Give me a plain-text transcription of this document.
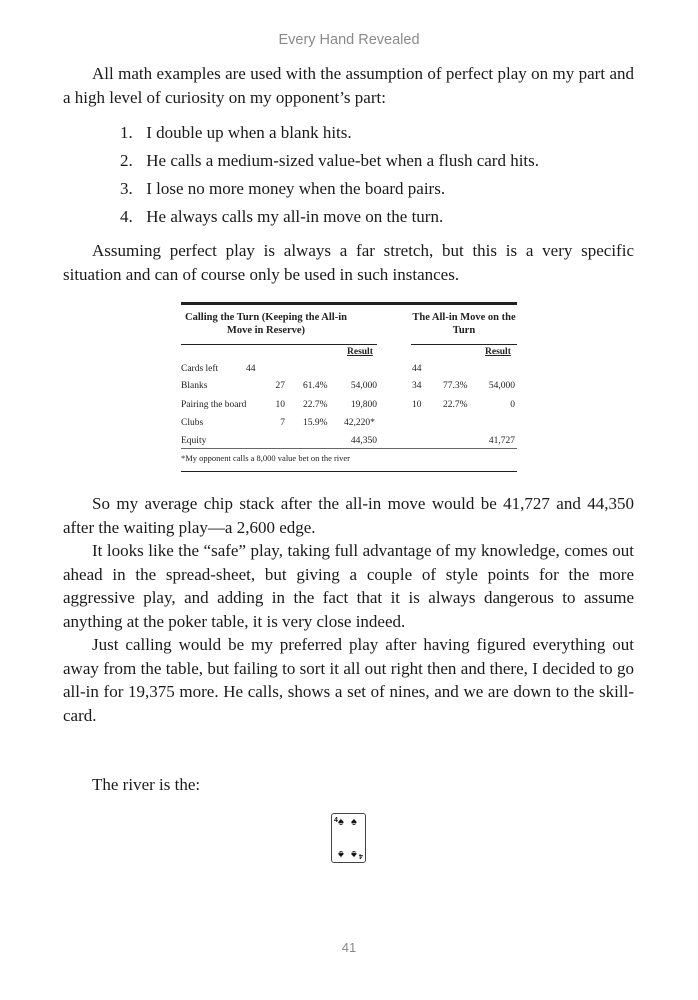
Every Hand Revealed

All math examples are used with the assumption of perfect play on my part and a high level of curiosity on my opponent’s part:

1. I double up when a blank hits.
2. He calls a medium-sized value-bet when a flush card hits.
3. I lose no more money when the board pairs.
4. He always calls my all-in move on the turn.

Assuming perfect play is always a far stretch, but this is a very specific situation and can of course only be used in such instances.

Calling the Turn (Keeping the All-in Move in Reserve)
The All-in Move on the Turn
Result	Result
Cards left	44	44
Blanks	27 61.4%	54,000	34 77.3%	54,000
Pairing the board	10 22.7%	19,800	10 22.7%	0
Clubs	7 15.9% 42,220*
Equity	44,350	41,727
*My opponent calls a 8,000 value bet on the river

So my average chip stack after the all-in move would be 41,727 and 44,350 after the waiting play—a 2,600 edge.

It looks like the “safe” play, taking full advantage of my knowledge, comes out ahead in the spread-sheet, but giving a couple of style points for the more aggressive play, and adding in the fact that it is always dangerous to assume anything at the poker table, it is very close indeed.

Just calling would be my preferred play after having figured everything out away from the table, but failing to sort it all out right then and there, I decided to go all-in for 19,375 more. He calls, shows a set of nines, and we are down to the skill-card.

The river is the:

4
4
♠ ♠
♠ ♠
41
